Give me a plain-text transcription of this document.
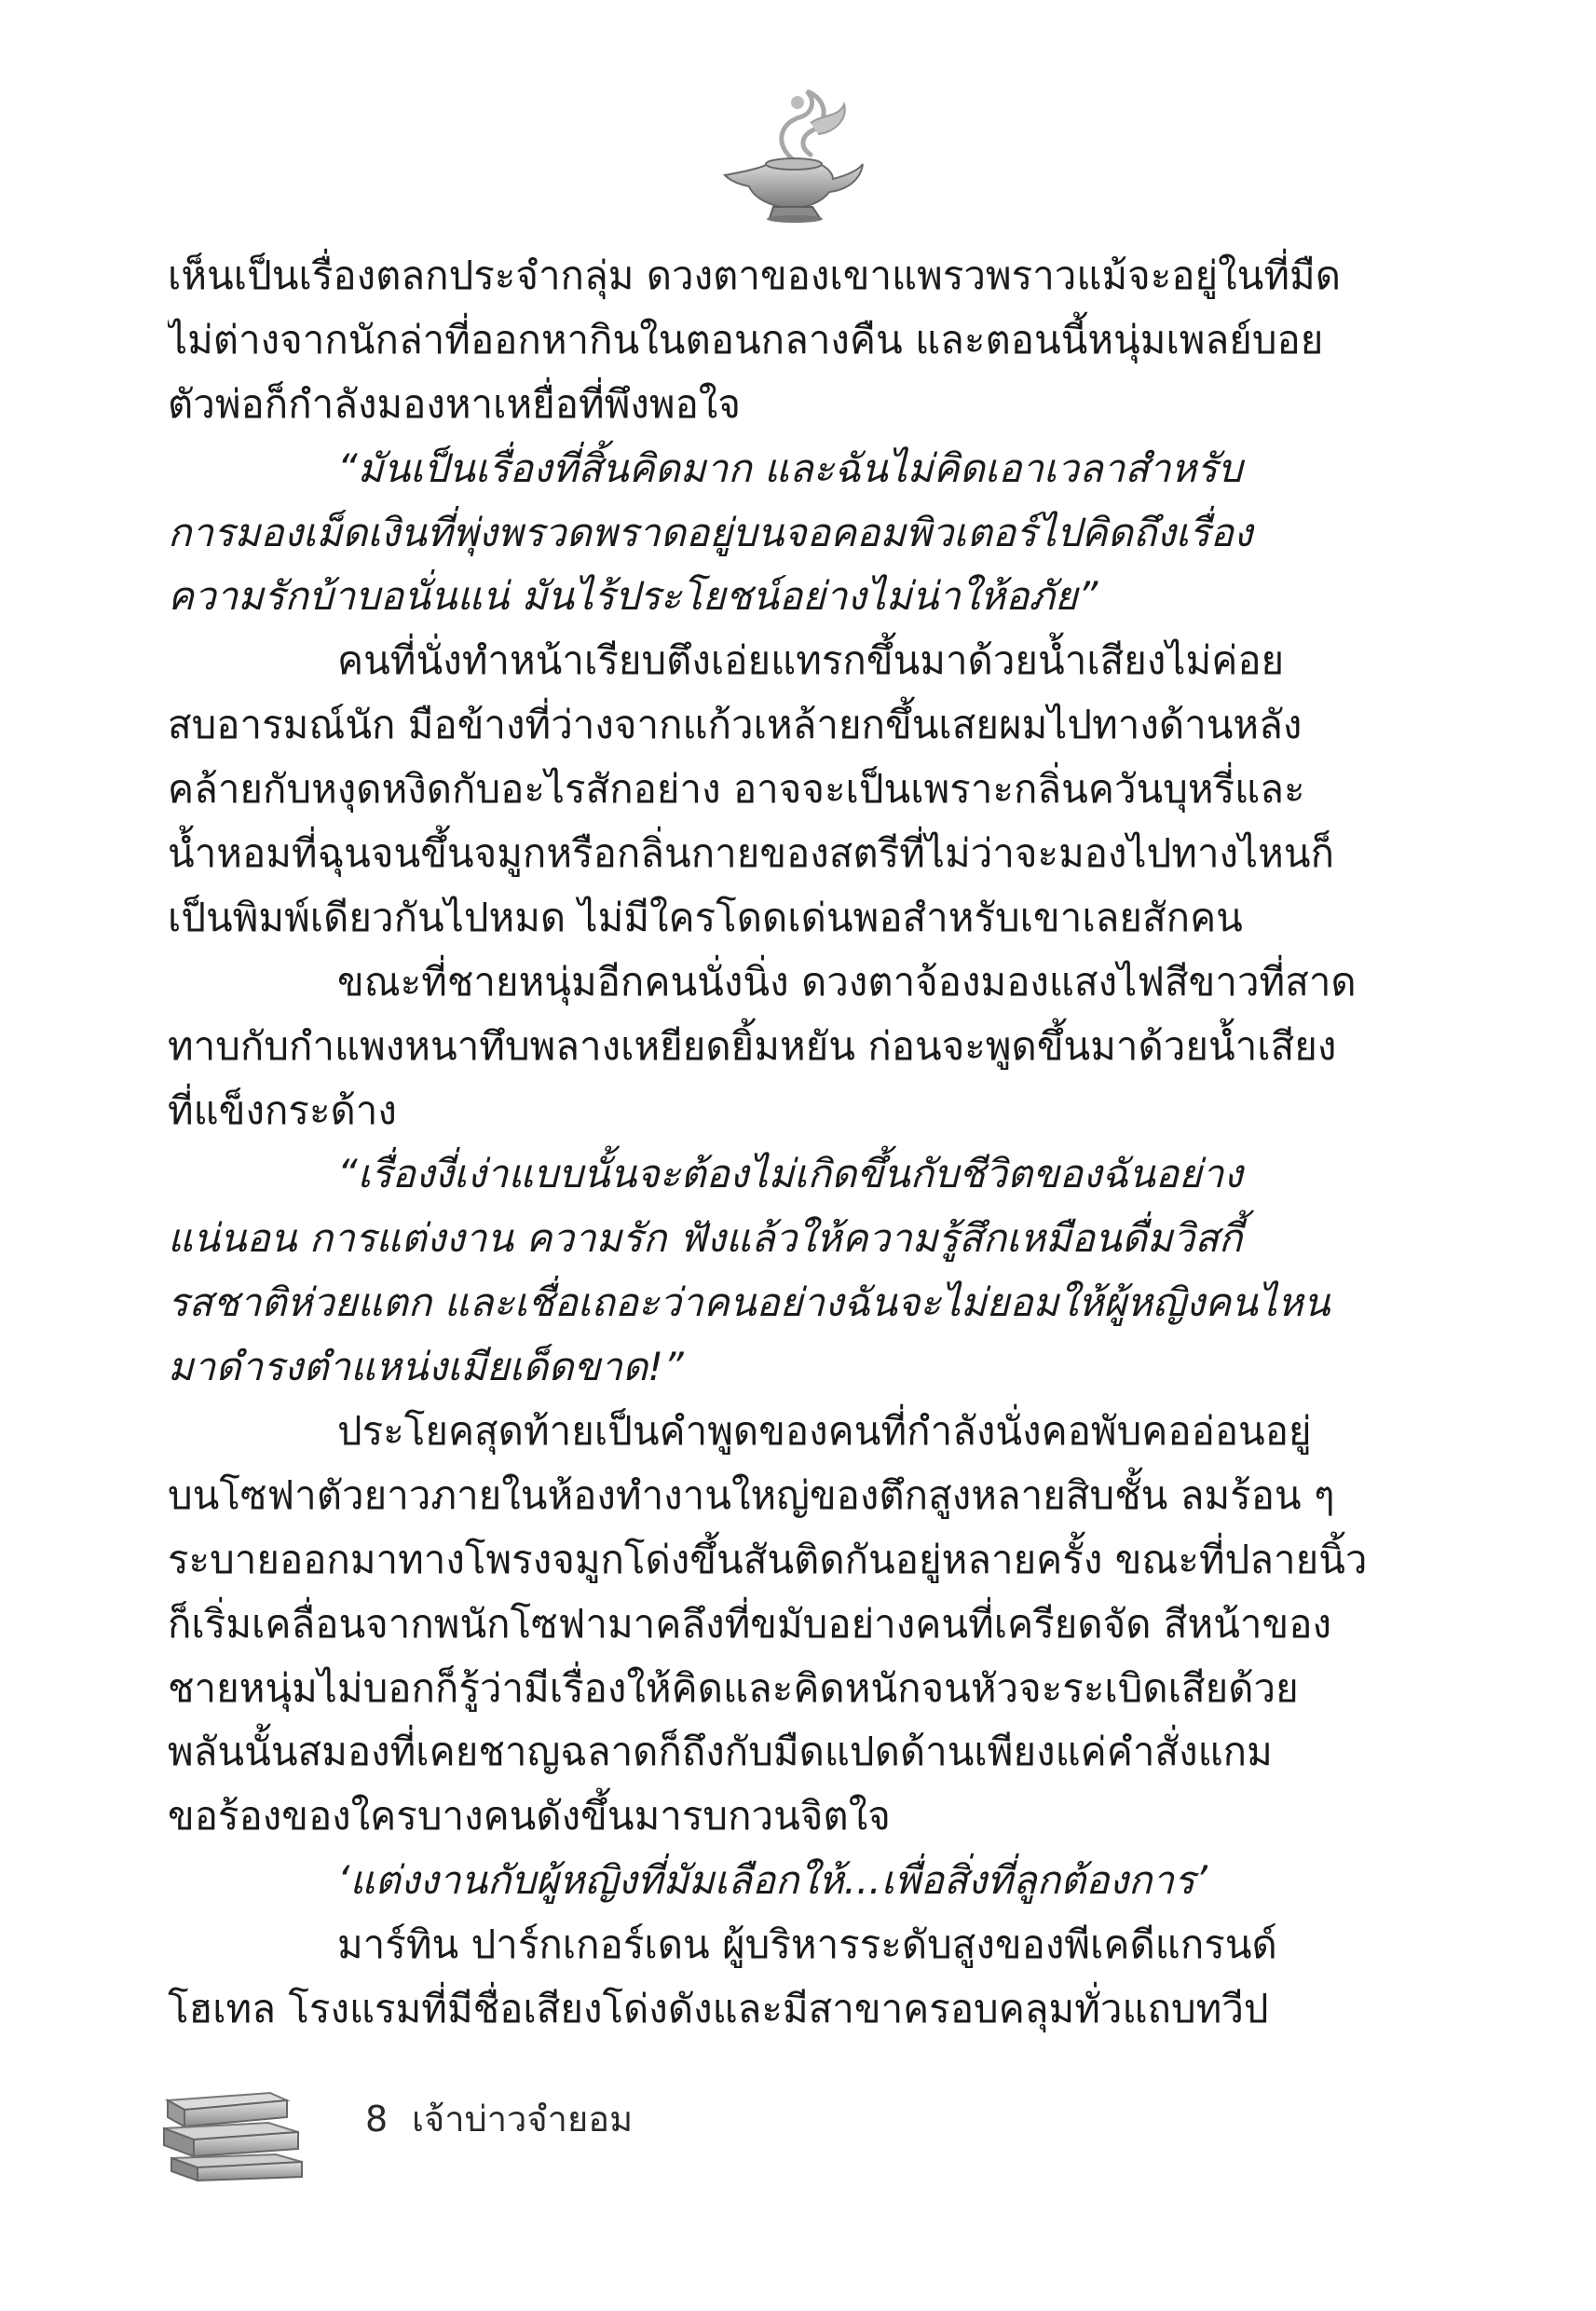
เห็นเป็นเรื่องตลกประจำกลุ่ม ดวงตาของเขาแพรวพราวแม้จะอยู่ในที่มืด
ไม่ต่างจากนักล่าที่ออกหากินในตอนกลางคืน และตอนนี้หนุ่มเพลย์บอย
ตัวพ่อก็กำลังมองหาเหยื่อที่พึงพอใจ
“มันเป็นเรื่องที่สิ้นคิดมาก และฉันไม่คิดเอาเวลาสำหรับ
การมองเม็ดเงินที่พุ่งพรวดพราดอยู่บนจอคอมพิวเตอร์ไปคิดถึงเรื่อง
ความรักบ้าบอนั่นแน่ มันไร้ประโยชน์อย่างไม่น่าให้อภัย”
คนที่นั่งทำหน้าเรียบตึงเอ่ยแทรกขึ้นมาด้วยน้ำเสียงไม่ค่อย
สบอารมณ์นัก มือข้างที่ว่างจากแก้วเหล้ายกขึ้นเสยผมไปทางด้านหลัง
คล้ายกับหงุดหงิดกับอะไรสักอย่าง อาจจะเป็นเพราะกลิ่นควันบุหรี่และ
น้ำหอมที่ฉุนจนขึ้นจมูกหรือกลิ่นกายของสตรีที่ไม่ว่าจะมองไปทางไหนก็
เป็นพิมพ์เดียวกันไปหมด ไม่มีใครโดดเด่นพอสำหรับเขาเลยสักคน
ขณะที่ชายหนุ่มอีกคนนั่งนิ่ง ดวงตาจ้องมองแสงไฟสีขาวที่สาด
ทาบกับกำแพงหนาทึบพลางเหยียดยิ้มหยัน ก่อนจะพูดขึ้นมาด้วยน้ำเสียง
ที่แข็งกระด้าง
“เรื่องงี่เง่าแบบนั้นจะต้องไม่เกิดขึ้นกับชีวิตของฉันอย่าง
แน่นอน การแต่งงาน ความรัก ฟังแล้วให้ความรู้สึกเหมือนดื่มวิสกี้
รสชาติห่วยแตก และเชื่อเถอะว่าคนอย่างฉันจะไม่ยอมให้ผู้หญิงคนไหน
มาดำรงตำแหน่งเมียเด็ดขาด!”
ประโยคสุดท้ายเป็นคำพูดของคนที่กำลังนั่งคอพับคออ่อนอยู่
บนโซฟาตัวยาวภายในห้องทำงานใหญ่ของตึกสูงหลายสิบชั้น ลมร้อน ๆ
ระบายออกมาทางโพรงจมูกโด่งขึ้นสันติดกันอยู่หลายครั้ง ขณะที่ปลายนิ้ว
ก็เริ่มเคลื่อนจากพนักโซฟามาคลึงที่ขมับอย่างคนที่เครียดจัด สีหน้าของ
ชายหนุ่มไม่บอกก็รู้ว่ามีเรื่องให้คิดและคิดหนักจนหัวจะระเบิดเสียด้วย
พลันนั้นสมองที่เคยชาญฉลาดก็ถึงกับมืดแปดด้านเพียงแค่คำสั่งแกม
ขอร้องของใครบางคนดังขึ้นมารบกวนจิตใจ
‘แต่งงานกับผู้หญิงที่มัมเลือกให้...เพื่อสิ่งที่ลูกต้องการ’
มาร์ทิน ปาร์กเกอร์เดน ผู้บริหารระดับสูงของพีเคดีแกรนด์
โฮเทล โรงแรมที่มีชื่อเสียงโด่งดังและมีสาขาครอบคลุมทั่วแถบทวีป
8 เจ้าบ่าวจำยอม
